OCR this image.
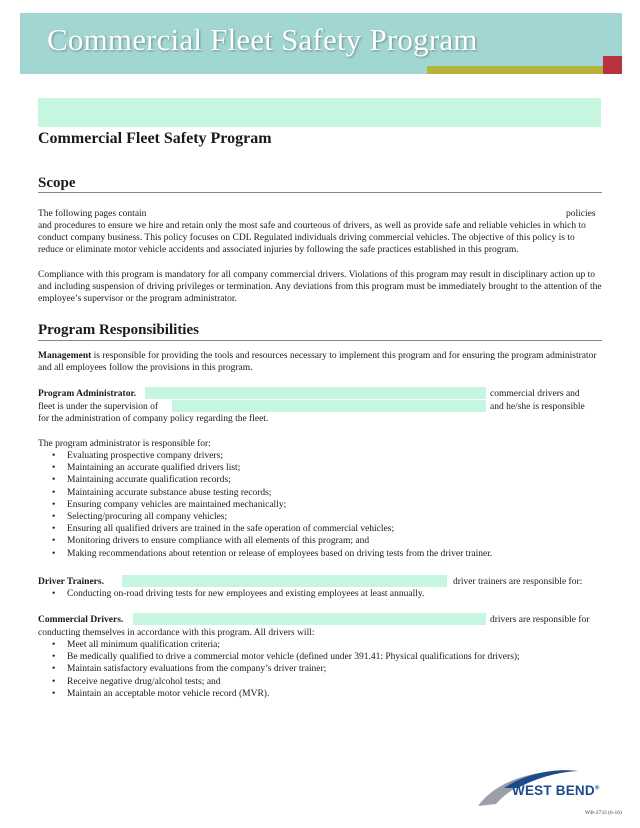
Commercial Fleet Safety Program
Commercial Fleet Safety Program
Scope
The following pages contain	policies
and procedures to ensure we hire and retain only the most safe and courteous of drivers, as well as provide safe and reliable vehicles in which to conduct company business. This policy focuses on CDL Regulated individuals driving commercial vehicles. The objective of this policy is to reduce or eliminate motor vehicle accidents and associated injuries by following the safe practices established in this program.
Compliance with this program is mandatory for all company commercial drivers. Violations of this program may result in disciplinary action up to and including suspension of driving privileges or termination. Any deviations from this program must be immediately brought to the attention of the employee’s supervisor or the program administrator.
Program Responsibilities
Management is responsible for providing the tools and resources necessary to implement this program and for ensuring the program administrator and all employees follow the provisions in this program.
Program Administrator.	commercial drivers and
fleet is under the supervision of	and he/she is responsible
for the administration of company policy regarding the fleet.
The program administrator is responsible for:
• Evaluating prospective company drivers;
• Maintaining an accurate qualified drivers list;
• Maintaining accurate qualification records;
• Maintaining accurate substance abuse testing records;
• Ensuring company vehicles are maintained mechanically;
• Selecting/procuring all company vehicles;
• Ensuring all qualified drivers are trained in the safe operation of commercial vehicles;
• Monitoring drivers to ensure compliance with all elements of this program; and
• Making recommendations about retention or release of employees based on driving tests from the driver trainer.
Driver Trainers.	driver trainers are responsible for:
• Conducting on-road driving tests for new employees and existing employees at least annually.
Commercial Drivers.	drivers are responsible for
conducting themselves in accordance with this program. All drivers will:
• Meet all minimum qualification criteria;
• Be medically qualified to drive a commercial motor vehicle (defined under 391.41: Physical qualifications for drivers);
• Maintain satisfactory evaluations from the company’s driver trainer;
• Receive negative drug/alcohol tests; and
• Maintain an acceptable motor vehicle record (MVR).
WEST BEND®
WB-2733 (6-16)
